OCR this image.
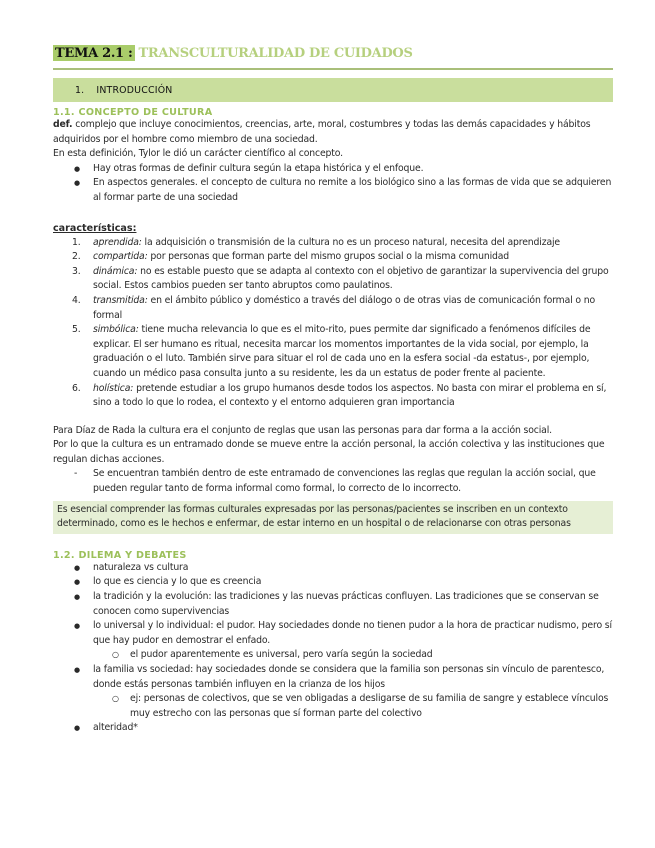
TEMA 2.1 : TRANSCULTURALIDAD DE CUIDADOS
1. INTRODUCCIÓN
1.1. CONCEPTO DE CULTURA

def. complejo que incluye conocimientos, creencias, arte, moral, costumbres y todas las demás capacidades y hábitos adquiridos por el hombre como miembro de una sociedad.

En esta definición, Tylor le dió un carácter científico al concepto.

● Hay otras formas de definir cultura según la etapa histórica y el enfoque.
● En aspectos generales. el concepto de cultura no remite a los biológico sino a las formas de vida que se adquieren al formar parte de una sociedad
características:
1. aprendida: la adquisición o transmisión de la cultura no es un proceso natural, necesita del aprendizaje
2. compartida: por personas que forman parte del mismo grupos social o la misma comunidad
3. dinámica: no es estable puesto que se adapta al contexto con el objetivo de garantizar la supervivencia del grupo social. Estos cambios pueden ser tanto abruptos como paulatinos.
4. transmitida: en el ámbito público y doméstico a través del diálogo o de otras vias de comunicación formal o no formal
5. simbólica: tiene mucha relevancia lo que es el mito-rito, pues permite dar significado a fenómenos difíciles de explicar. El ser humano es ritual, necesita marcar los momentos importantes de la vida social, por ejemplo, la graduación o el luto. También sirve para situar el rol de cada uno en la esfera social -da estatus-, por ejemplo, cuando un médico pasa consulta junto a su residente, les da un estatus de poder frente al paciente.
6. holística: pretende estudiar a los grupo humanos desde todos los aspectos. No basta con mirar el problema en sí, sino a todo lo que lo rodea, el contexto y el entorno adquieren gran importancia

Para Díaz de Rada la cultura era el conjunto de reglas que usan las personas para dar forma a la acción social.

Por lo que la cultura es un entramado donde se mueve entre la acción personal, la acción colectiva y las instituciones que regulan dichas acciones.

- Se encuentran también dentro de este entramado de convenciones las reglas que regulan la acción social, que pueden regular tanto de forma informal como formal, lo correcto de lo incorrecto.
Es esencial comprender las formas culturales expresadas por las personas/pacientes se inscriben en un contexto determinado, como es le hechos e enfermar, de estar interno en un hospital o de relacionarse con otras personas
1.2. DILEMA Y DEBATES
● naturaleza vs cultura
● lo que es ciencia y lo que es creencia
● la tradición y la evolución: las tradiciones y las nuevas prácticas confluyen. Las tradiciones que se conservan se conocen como supervivencias
● lo universal y lo individual: el pudor. Hay sociedades donde no tienen pudor a la hora de practicar nudismo, pero sí que hay pudor en demostrar el enfado.
○ el pudor aparentemente es universal, pero varía según la sociedad
● la familia vs sociedad: hay sociedades donde se considera que la familia son personas sin vínculo de parentesco, donde estás personas también influyen en la crianza de los hijos
○ ej: personas de colectivos, que se ven obligadas a desligarse de su familia de sangre y establece vínculos muy estrecho con las personas que sí forman parte del colectivo
● alteridad*
